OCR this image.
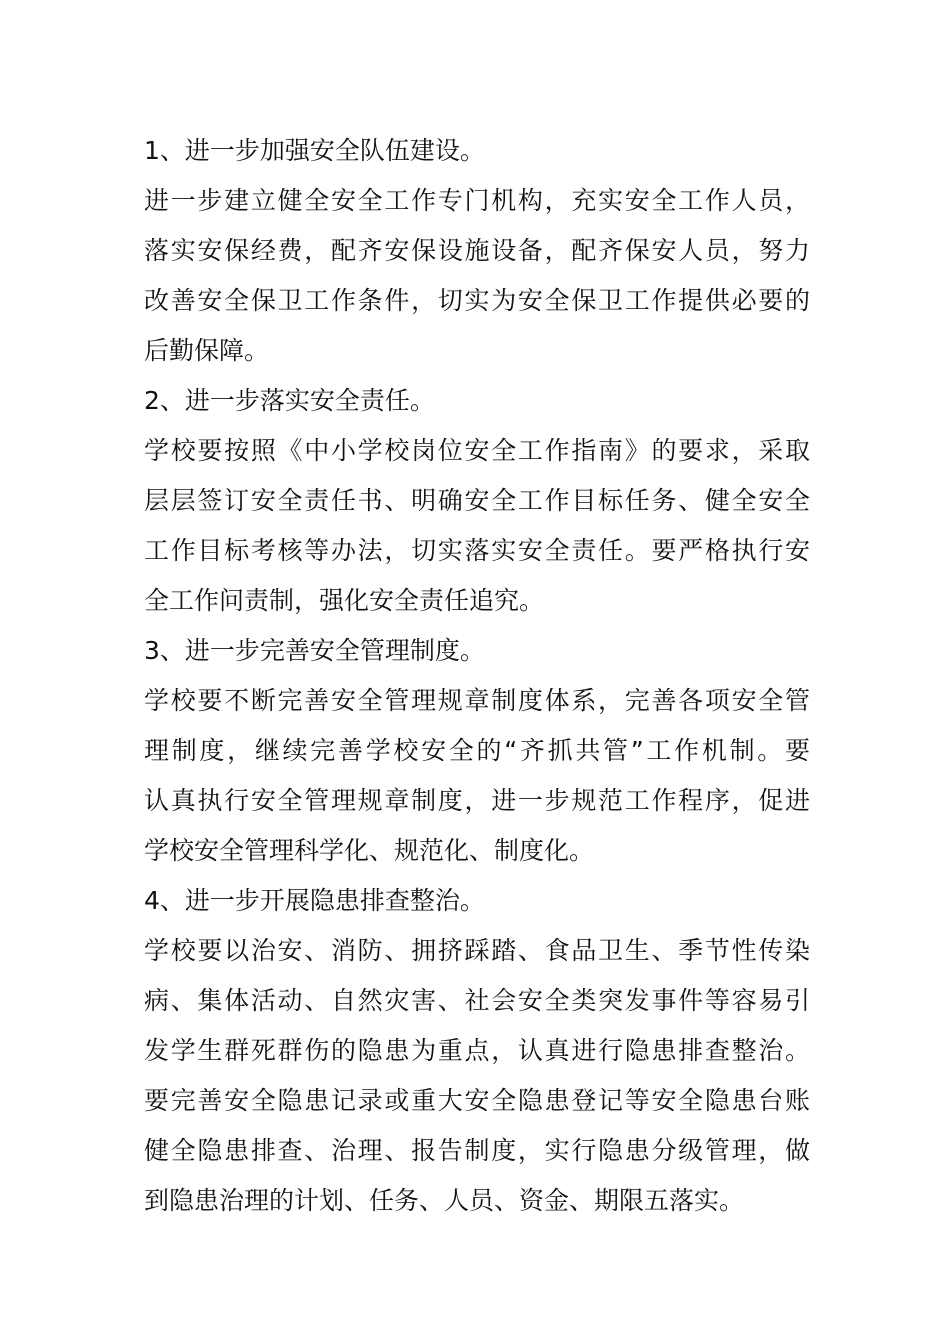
1、进一步加强安全队伍建设。
进一步建立健全安全工作专门机构，充实安全工作人员，
落实安保经费，配齐安保设施设备，配齐保安人员，努力
改善安全保卫工作条件，切实为安全保卫工作提供必要的
后勤保障。
2、进一步落实安全责任。
学校要按照《中小学校岗位安全工作指南》的要求，采取
层层签订安全责任书、明确安全工作目标任务、健全安全
工作目标考核等办法，切实落实安全责任。要严格执行安
全工作问责制，强化安全责任追究。
3、进一步完善安全管理制度。
学校要不断完善安全管理规章制度体系，完善各项安全管
理制度，继续完善学校安全的“齐抓共管”工作机制。要
认真执行安全管理规章制度，进一步规范工作程序，促进
学校安全管理科学化、规范化、制度化。
4、进一步开展隐患排查整治。
学校要以治安、消防、拥挤踩踏、食品卫生、季节性传染
病、集体活动、自然灾害、社会安全类突发事件等容易引
发学生群死群伤的隐患为重点，认真进行隐患排查整治。
要完善安全隐患记录或重大安全隐患登记等安全隐患台账
健全隐患排查、治理、报告制度，实行隐患分级管理，做
到隐患治理的计划、任务、人员、资金、期限五落实。
